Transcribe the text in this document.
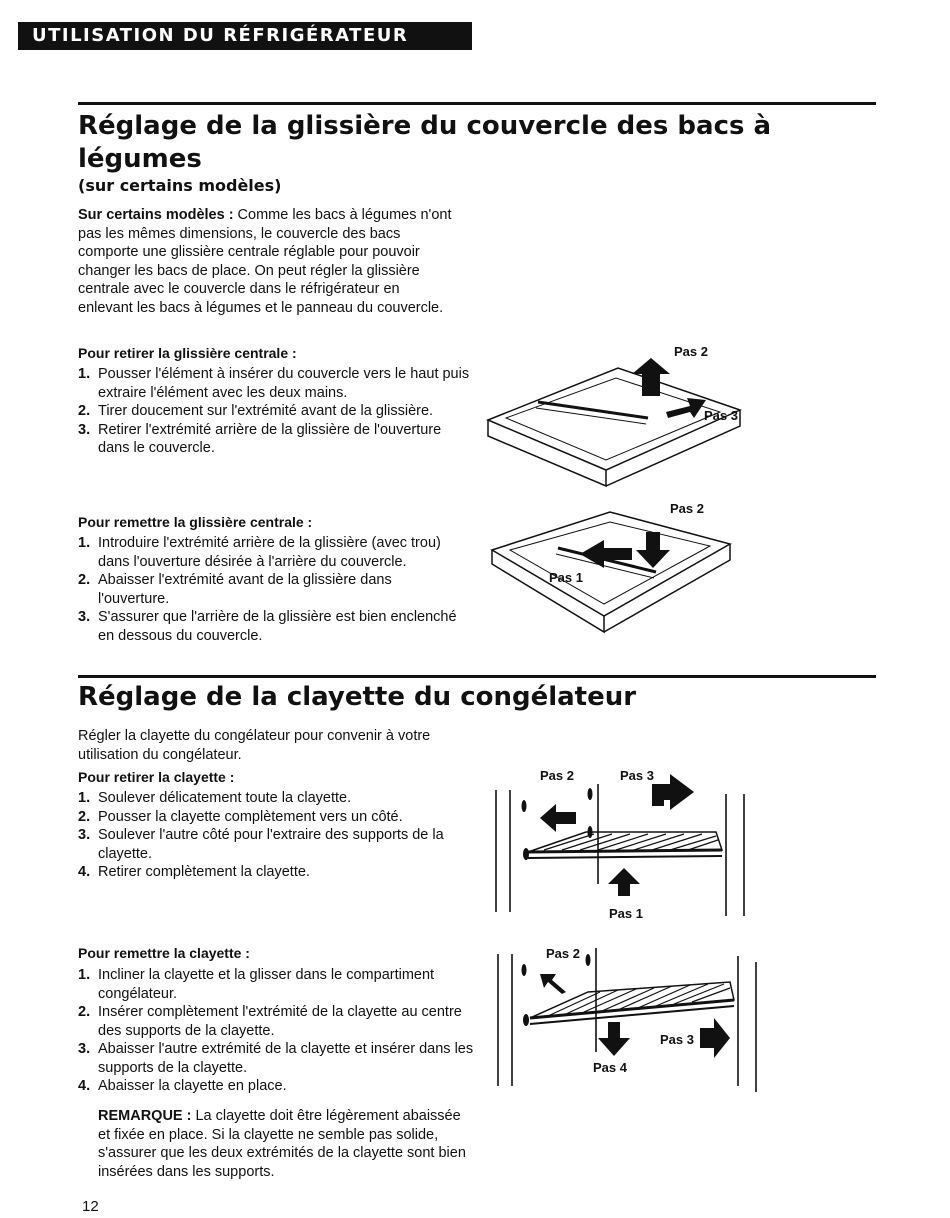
UTILISATION DU RÉFRIGÉRATEUR
Réglage de la glissière du couvercle des bacs à légumes
(sur certains modèles)
Sur certains modèles : Comme les bacs à légumes n'ont pas les mêmes dimensions, le couvercle des bacs comporte une glissière centrale réglable pour pouvoir changer les bacs de place. On peut régler la glissière centrale avec le couvercle dans le réfrigérateur en enlevant les bacs à légumes et le panneau du couvercle.
Pour retirer la glissière centrale :
1. Pousser l'élément à insérer du couvercle vers le haut puis extraire l'élément avec les deux mains.
2. Tirer doucement sur l'extrémité avant de la glissière.
3. Retirer l'extrémité arrière de la glissière de l'ouverture dans le couvercle.
Pour remettre la glissière centrale :
1. Introduire l'extrémité arrière de la glissière (avec trou) dans l'ouverture désirée à l'arrière du couvercle.
2. Abaisser l'extrémité avant de la glissière dans l'ouverture.
3. S'assurer que l'arrière de la glissière est bien enclenché en dessous du couvercle.
Pas 2
Pas 3
Pas 2
Pas 1
Réglage de la clayette du congélateur
Régler la clayette du congélateur pour convenir à votre utilisation du congélateur.
Pour retirer la clayette :
1. Soulever délicatement toute la clayette.
2. Pousser la clayette complètement vers un côté.
3. Soulever l'autre côté pour l'extraire des supports de la clayette.
4. Retirer complètement la clayette.
Pour remettre la clayette :
1. Incliner la clayette et la glisser dans le compartiment congélateur.
2. Insérer complètement l'extrémité de la clayette au centre des supports de la clayette.
3. Abaisser l'autre extrémité de la clayette et insérer dans les supports de la clayette.
4. Abaisser la clayette en place.
REMARQUE : La clayette doit être légèrement abaissée et fixée en place. Si la clayette ne semble pas solide, s'assurer que les deux extrémités de la clayette sont bien insérées dans les supports.
Pas 2	Pas 3
Pas 1
Pas 2
Pas 3
Pas 4
12
